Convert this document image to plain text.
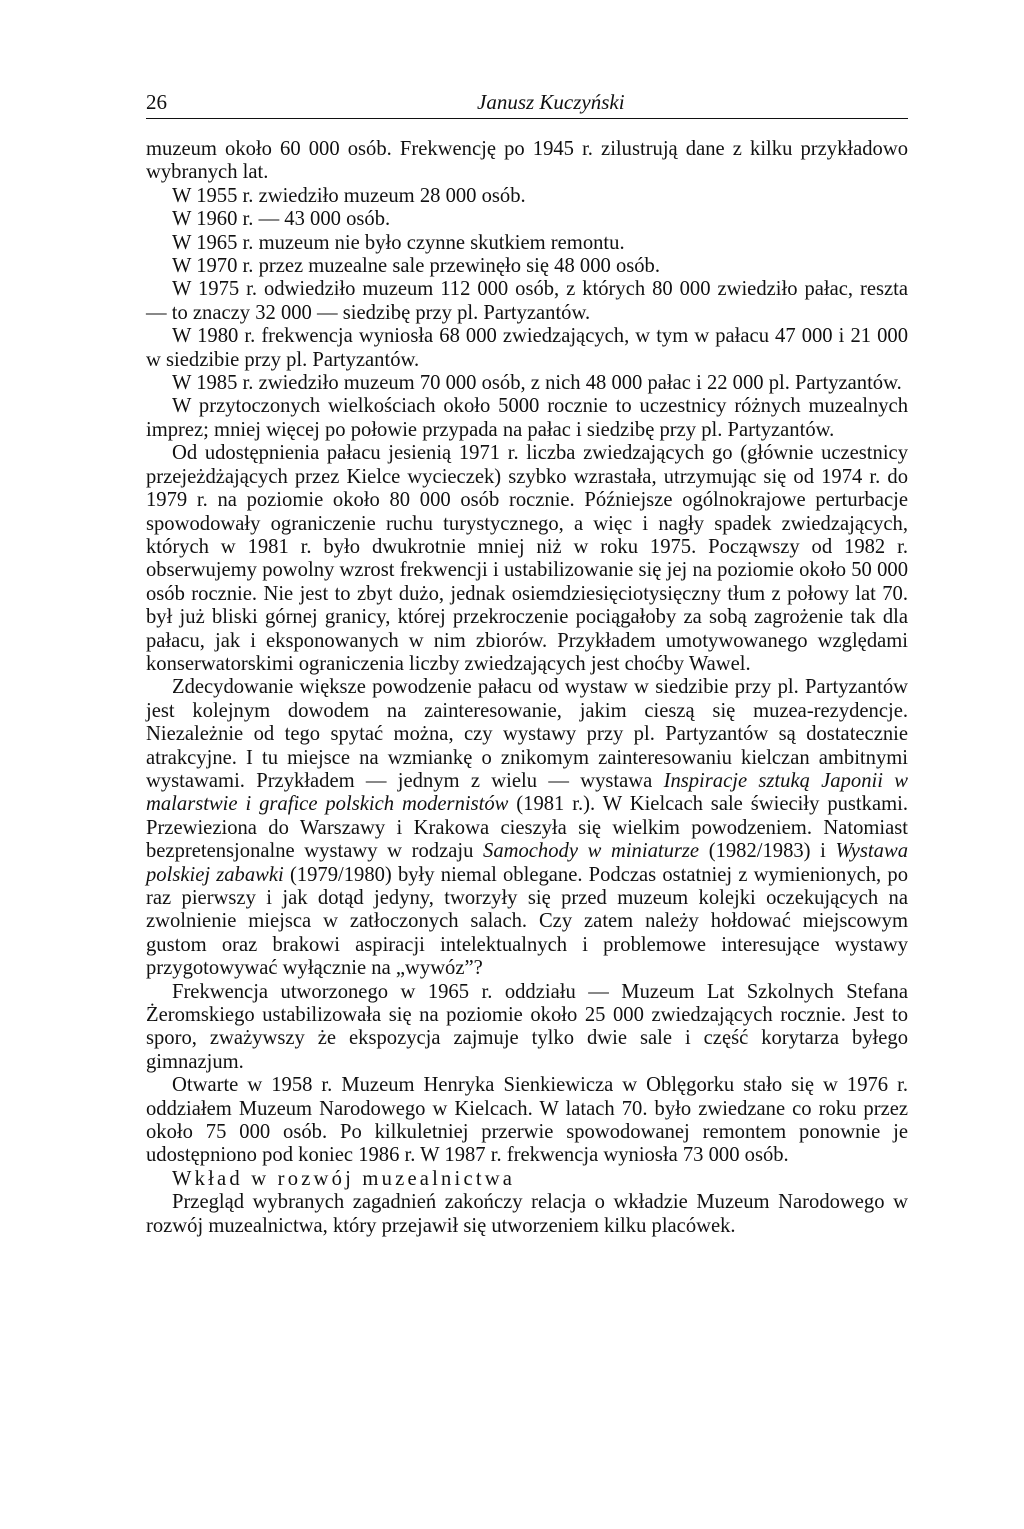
26	Janusz Kuczyński

muzeum około 60 000 osób. Frekwencję po 1945 r. zilustrują dane z kilku przykładowo wybranych lat.

W 1955 r. zwiedziło muzeum 28 000 osób.

W 1960 r. — 43 000 osób.

W 1965 r. muzeum nie było czynne skutkiem remontu.

W 1970 r. przez muzealne sale przewinęło się 48 000 osób.

W 1975 r. odwiedziło muzeum 112 000 osób, z których 80 000 zwiedziło pałac, reszta — to znaczy 32 000 — siedzibę przy pl. Partyzantów.

W 1980 r. frekwencja wyniosła 68 000 zwiedzających, w tym w pałacu 47 000 i 21 000 w siedzibie przy pl. Partyzantów.

W 1985 r. zwiedziło muzeum 70 000 osób, z nich 48 000 pałac i 22 000 pl. Partyzantów.

W przytoczonych wielkościach około 5000 rocznie to uczestnicy różnych muzealnych imprez; mniej więcej po połowie przypada na pałac i siedzibę przy pl. Partyzantów.

Od udostępnienia pałacu jesienią 1971 r. liczba zwiedzających go (głównie uczestnicy przejeżdżających przez Kielce wycieczek) szybko wzrastała, utrzymując się od 1974 r. do 1979 r. na poziomie około 80 000 osób rocznie. Późniejsze ogólnokrajowe perturbacje spowodowały ograniczenie ruchu turystycznego, a więc i nagły spadek zwiedzających, których w 1981 r. było dwukrotnie mniej niż w roku 1975. Począwszy od 1982 r. obserwujemy powolny wzrost frekwencji i ustabilizowanie się jej na poziomie około 50 000 osób rocznie. Nie jest to zbyt dużo, jednak osiemdziesięciotysięczny tłum z połowy lat 70. był już bliski górnej granicy, której przekroczenie pociągałoby za sobą zagrożenie tak dla pałacu, jak i eksponowanych w nim zbiorów. Przykładem umotywowanego względami konserwatorskimi ograniczenia liczby zwiedzających jest choćby Wawel.

Zdecydowanie większe powodzenie pałacu od wystaw w siedzibie przy pl. Partyzantów jest kolejnym dowodem na zainteresowanie, jakim cieszą się muzea-rezydencje. Niezależnie od tego spytać można, czy wystawy przy pl. Partyzantów są dostatecznie atrakcyjne. I tu miejsce na wzmiankę o znikomym zainteresowaniu kielczan ambitnymi wystawami. Przykładem — jednym z wielu — wystawa Inspiracje sztuką Japonii w malarstwie i grafice polskich modernistów (1981 r.). W Kielcach sale świeciły pustkami. Przewieziona do Warszawy i Krakowa cieszyła się wielkim powodzeniem. Natomiast bezpretensjonalne wystawy w rodzaju Samochody w miniaturze (1982/1983) i Wystawa polskiej zabawki (1979/1980) były niemal oblegane. Podczas ostatniej z wymienionych, po raz pierwszy i jak dotąd jedyny, tworzyły się przed muzeum kolejki oczekujących na zwolnienie miejsca w zatłoczonych salach. Czy zatem należy hołdować miejscowym gustom oraz brakowi aspiracji intelektualnych i problemowe interesujące wystawy przygotowywać wyłącznie na „wywóz”?

Frekwencja utworzonego w 1965 r. oddziału — Muzeum Lat Szkolnych Stefana Żeromskiego ustabilizowała się na poziomie około 25 000 zwiedzających rocznie. Jest to sporo, zważywszy że ekspozycja zajmuje tylko dwie sale i część korytarza byłego gimnazjum.

Otwarte w 1958 r. Muzeum Henryka Sienkiewicza w Oblęgorku stało się w 1976 r. oddziałem Muzeum Narodowego w Kielcach. W latach 70. było zwiedzane co roku przez około 75 000 osób. Po kilkuletniej przerwie spowodowanej remontem ponownie je udostępniono pod koniec 1986 r. W 1987 r. frekwencja wyniosła 73 000 osób.

Wkład w rozwój muzealnictwa

Przegląd wybranych zagadnień zakończy relacja o wkładzie Muzeum Narodowego w rozwój muzealnictwa, który przejawił się utworzeniem kilku placówek.
